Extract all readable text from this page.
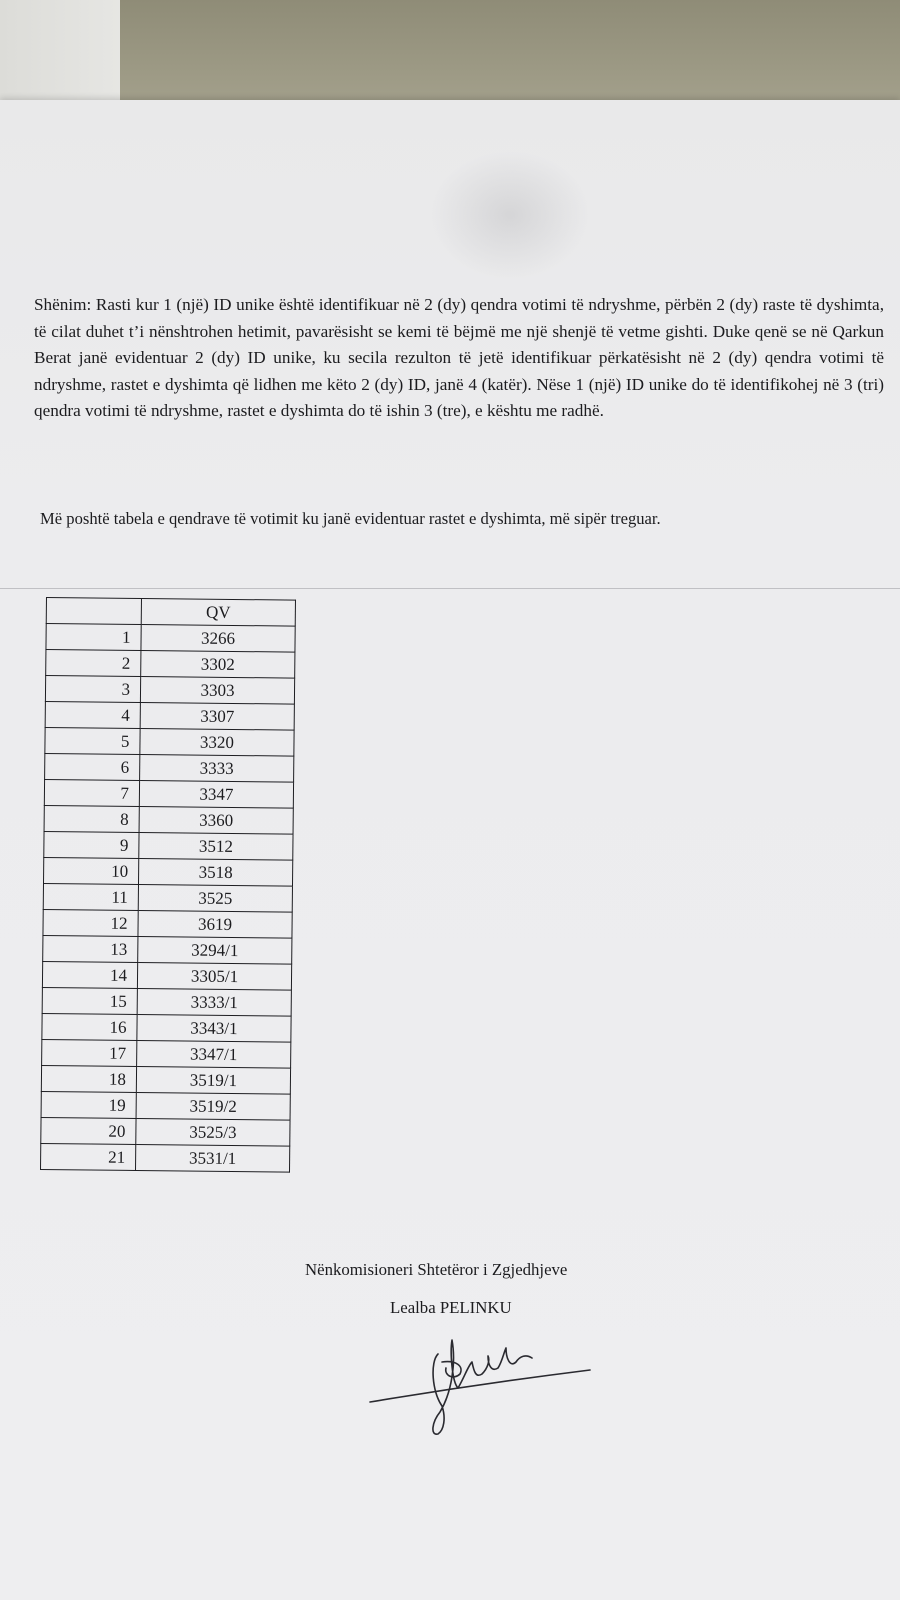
Shënim: Rasti kur 1 (një) ID unike është identifikuar në 2 (dy) qendra votimi të ndryshme, përbën 2 (dy) raste të dyshimta, të cilat duhet t’i nënshtrohen hetimit, pavarësisht se kemi të bëjmë me një shenjë të vetme gishti. Duke qenë se në Qarkun Berat janë evidentuar 2 (dy) ID unike, ku secila rezulton të jetë identifikuar përkatësisht në 2 (dy) qendra votimi të ndryshme, rastet e dyshimta që lidhen me këto 2 (dy) ID, janë 4 (katër). Nëse 1 (një) ID unike do të identifikohej në 3 (tri) qendra votimi të ndryshme, rastet e dyshimta do të ishin 3 (tre), e kështu me radhë.

Më poshtë tabela e qendrave të votimit ku janë evidentuar rastet e dyshimta, më sipër treguar.

	QV
1	3266
2	3302
3	3303
4	3307
5	3320
6	3333
7	3347
8	3360
9	3512
10	3518
11	3525
12	3619
13	3294/1
14	3305/1
15	3333/1
16	3343/1
17	3347/1
18	3519/1
19	3519/2
20	3525/3
21	3531/1
Nënkomisioneri Shtetëror i Zgjedhjeve
Lealba PELINKU
